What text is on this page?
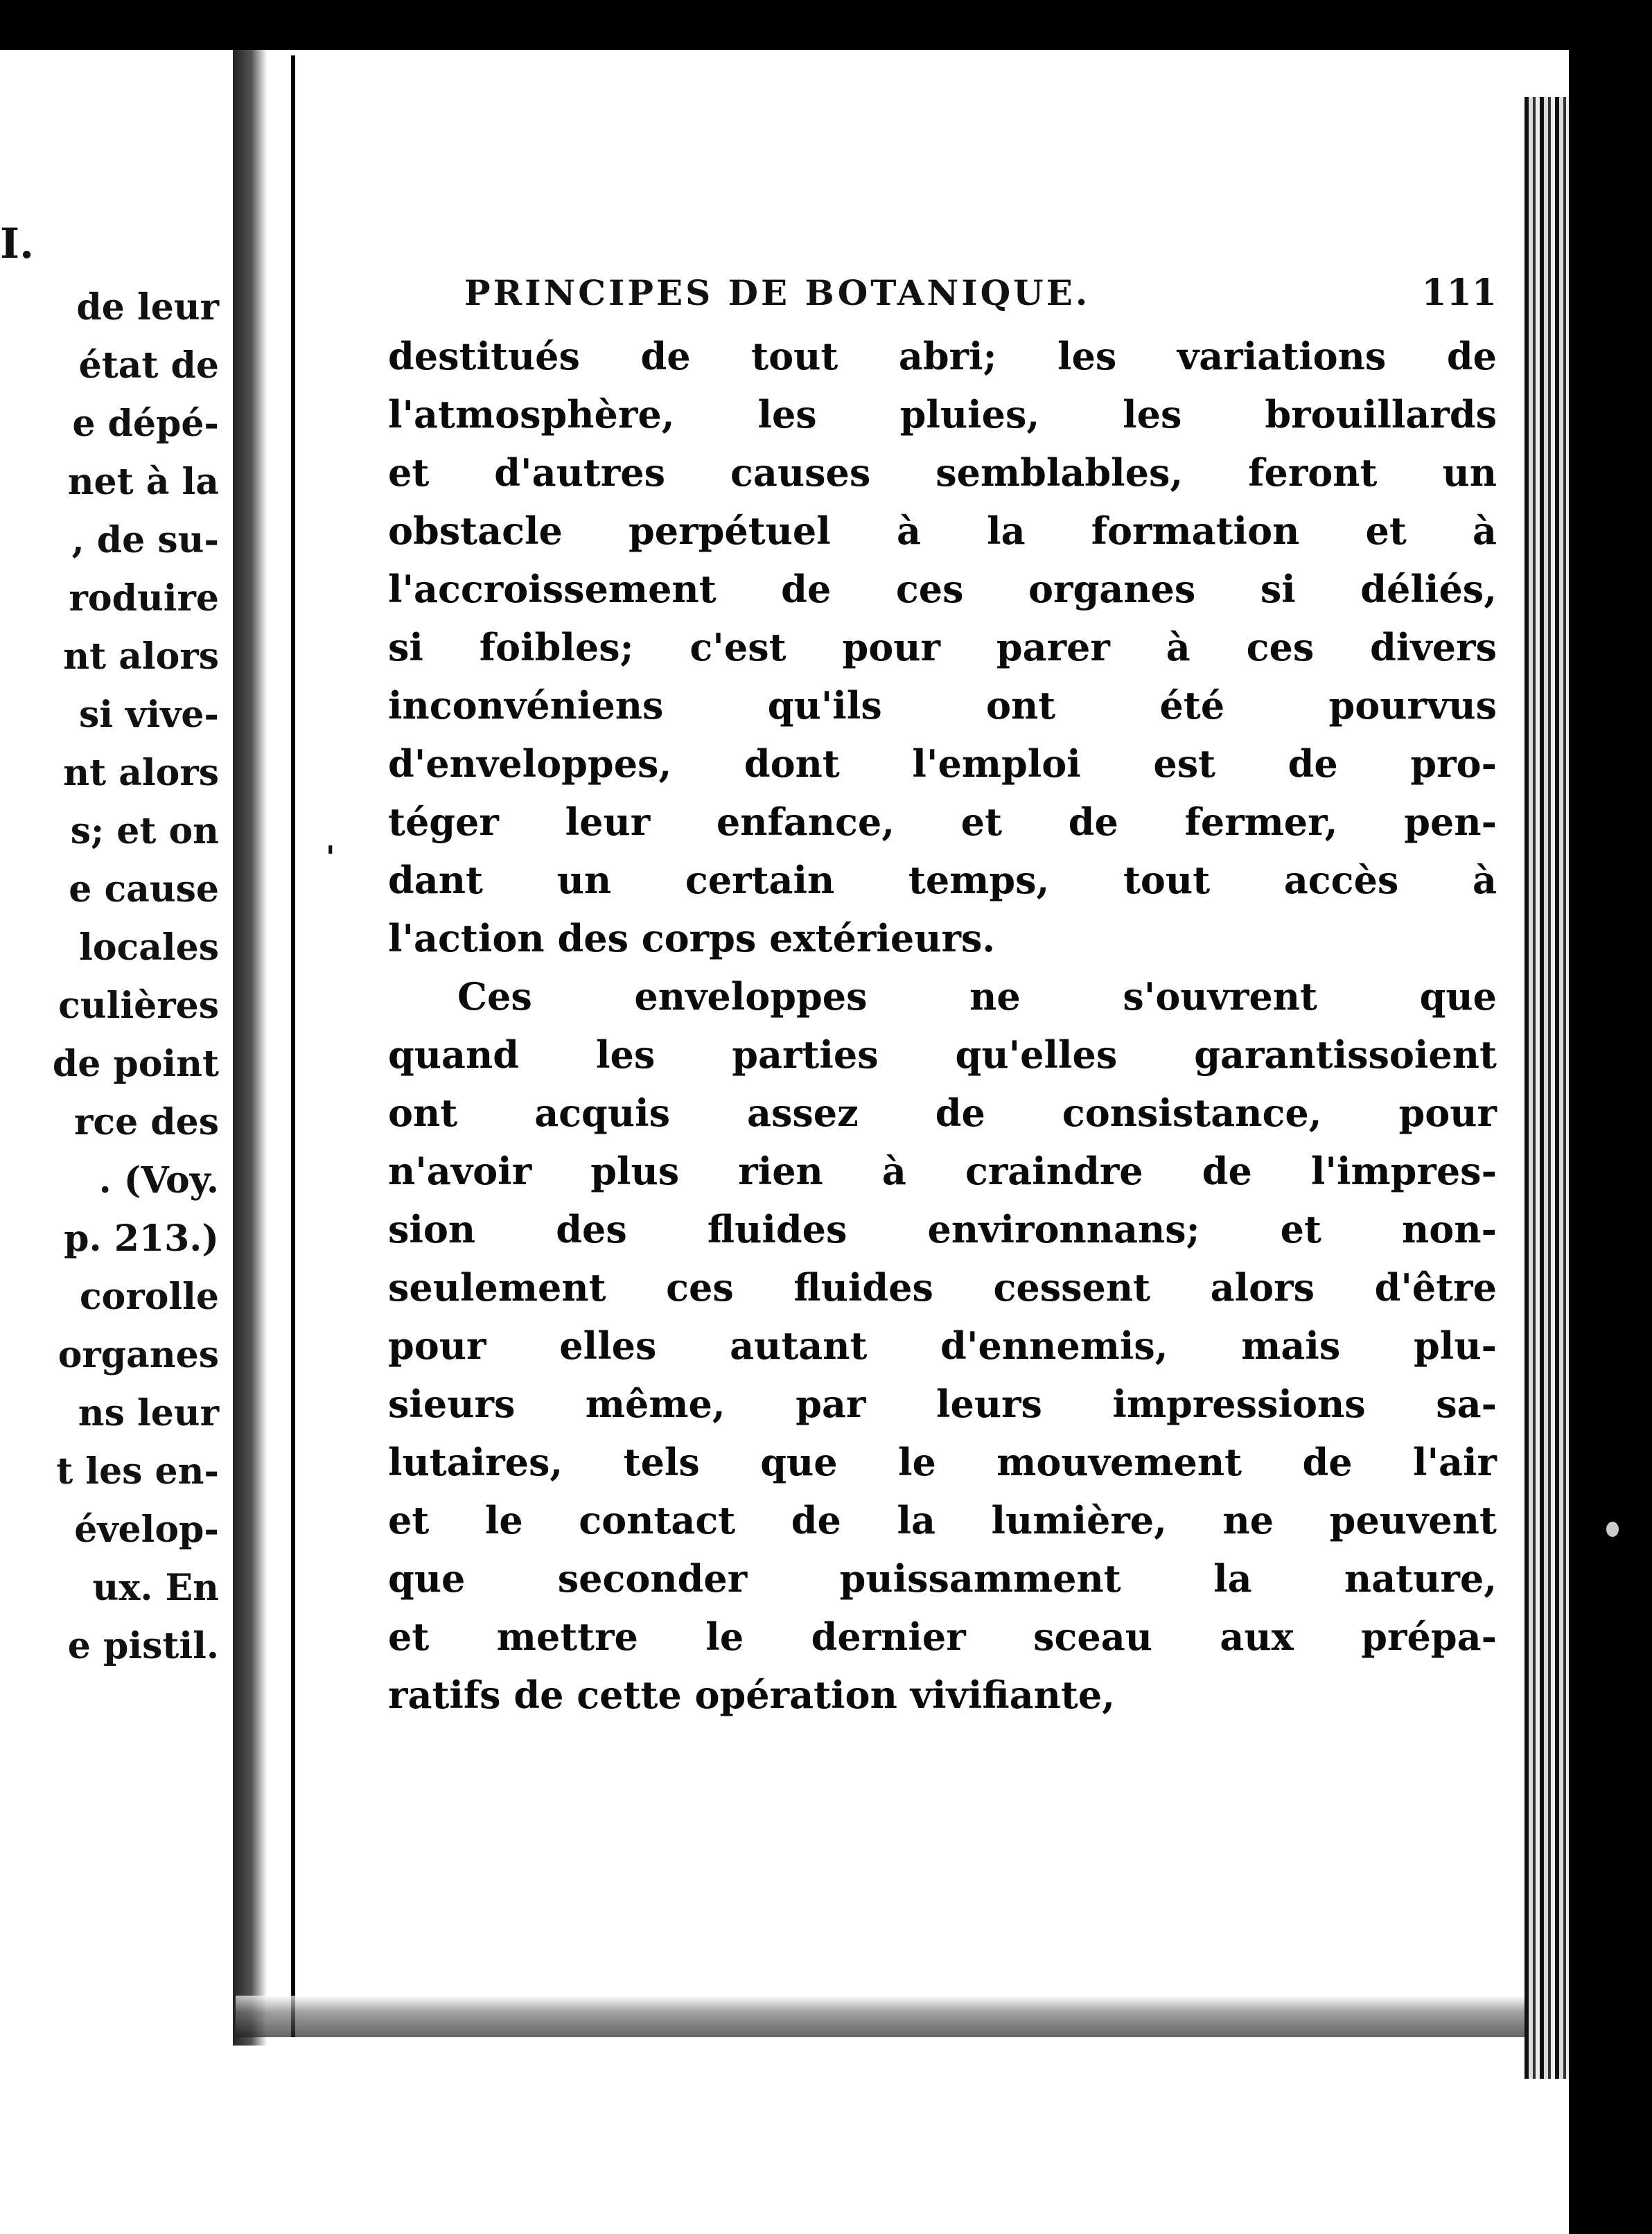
I.
de leur
état de
e dépé-
net à la
, de su-
roduire
nt alors
si vive-
nt alors
s; et on
e cause
locales
culières
de point
rce des
. (Voy.
p. 213.)
corolle
organes
ns leur
t les en-
évelop-
ux. En
e pistil.
PRINCIPES DE BOTANIQUE.	111
'
destitués de tout abri; les variations de
l'atmosphère, les pluies, les brouillards
et d'autres causes semblables, feront un
obstacle perpétuel à la formation et à
l'accroissement de ces organes si déliés,
si foibles; c'est pour parer à ces divers
inconvéniens qu'ils ont été pourvus
d'enveloppes, dont l'emploi est de pro-
téger leur enfance, et de fermer, pen-
dant un certain temps, tout accès à
l'action des corps extérieurs.
Ces enveloppes ne s'ouvrent que
quand les parties qu'elles garantissoient
ont acquis assez de consistance, pour
n'avoir plus rien à craindre de l'impres-
sion des fluides environnans; et non-
seulement ces fluides cessent alors d'être
pour elles autant d'ennemis, mais plu-
sieurs même, par leurs impressions sa-
lutaires, tels que le mouvement de l'air
et le contact de la lumière, ne peuvent
que seconder puissamment la nature,
et mettre le dernier sceau aux prépa-
ratifs de cette opération vivifiante,
